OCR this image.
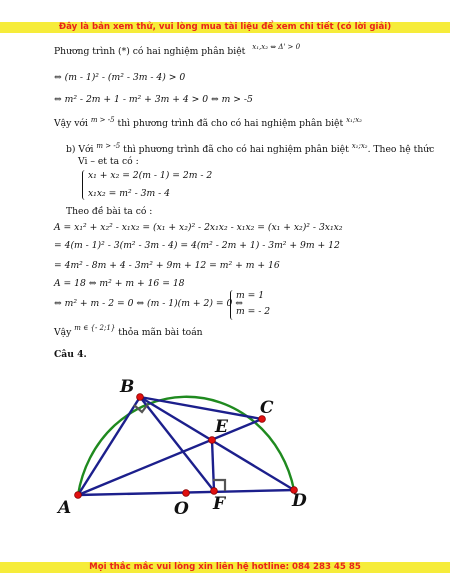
Đây là bản xem thử, vui lòng mua tài liệu để xem chi tiết (có lời giải)
Phương trình (*) có hai nghiệm phân biệt $^{x_1,x_2 \Leftrightarrow \Delta' > 0}$
⇔ (m - 1)² - (m² - 3m - 4) > 0
⇔ m² - 2m + 1 - m² + 3m + 4 > 0 ⇔ m > -5
Vậy với $^{m > -5}$ thì phương trình đã cho có hai nghiệm phân biệt $^{x_1;x_2}$
b) Với $^{m > -5}$ thì phương trình đã cho có hai nghiệm phân biệt $^{x_1;x_2}$. Theo hệ thức
Vi – et ta có :
x₁ + x₂ = 2(m - 1) = 2m - 2
x₁x₂ = m² - 3m - 4
Theo đề bài ta có :
A = x₁² + x₂² - x₁x₂ = (x₁ + x₂)² - 2x₁x₂ - x₁x₂ = (x₁ + x₂)² - 3x₁x₂
= 4(m - 1)² - 3(m² - 3m - 4) = 4(m² - 2m + 1) - 3m² + 9m + 12
= 4m² - 8m + 4 - 3m² + 9m + 12 = m² + m + 16
A = 18 ⇔ m² + m + 16 = 18
⇔ m² + m - 2 = 0 ⇔ (m - 1)(m + 2) = 0 ⇔
m = 1
m = - 2
Vậy $^{m \in \{- 2;1\}}$ thỏa mãn bài toán
Câu 4.
B
C
E
A	O F	D
Mọi thắc mắc vui lòng xin liên hệ hotline: 084 283 45 85
